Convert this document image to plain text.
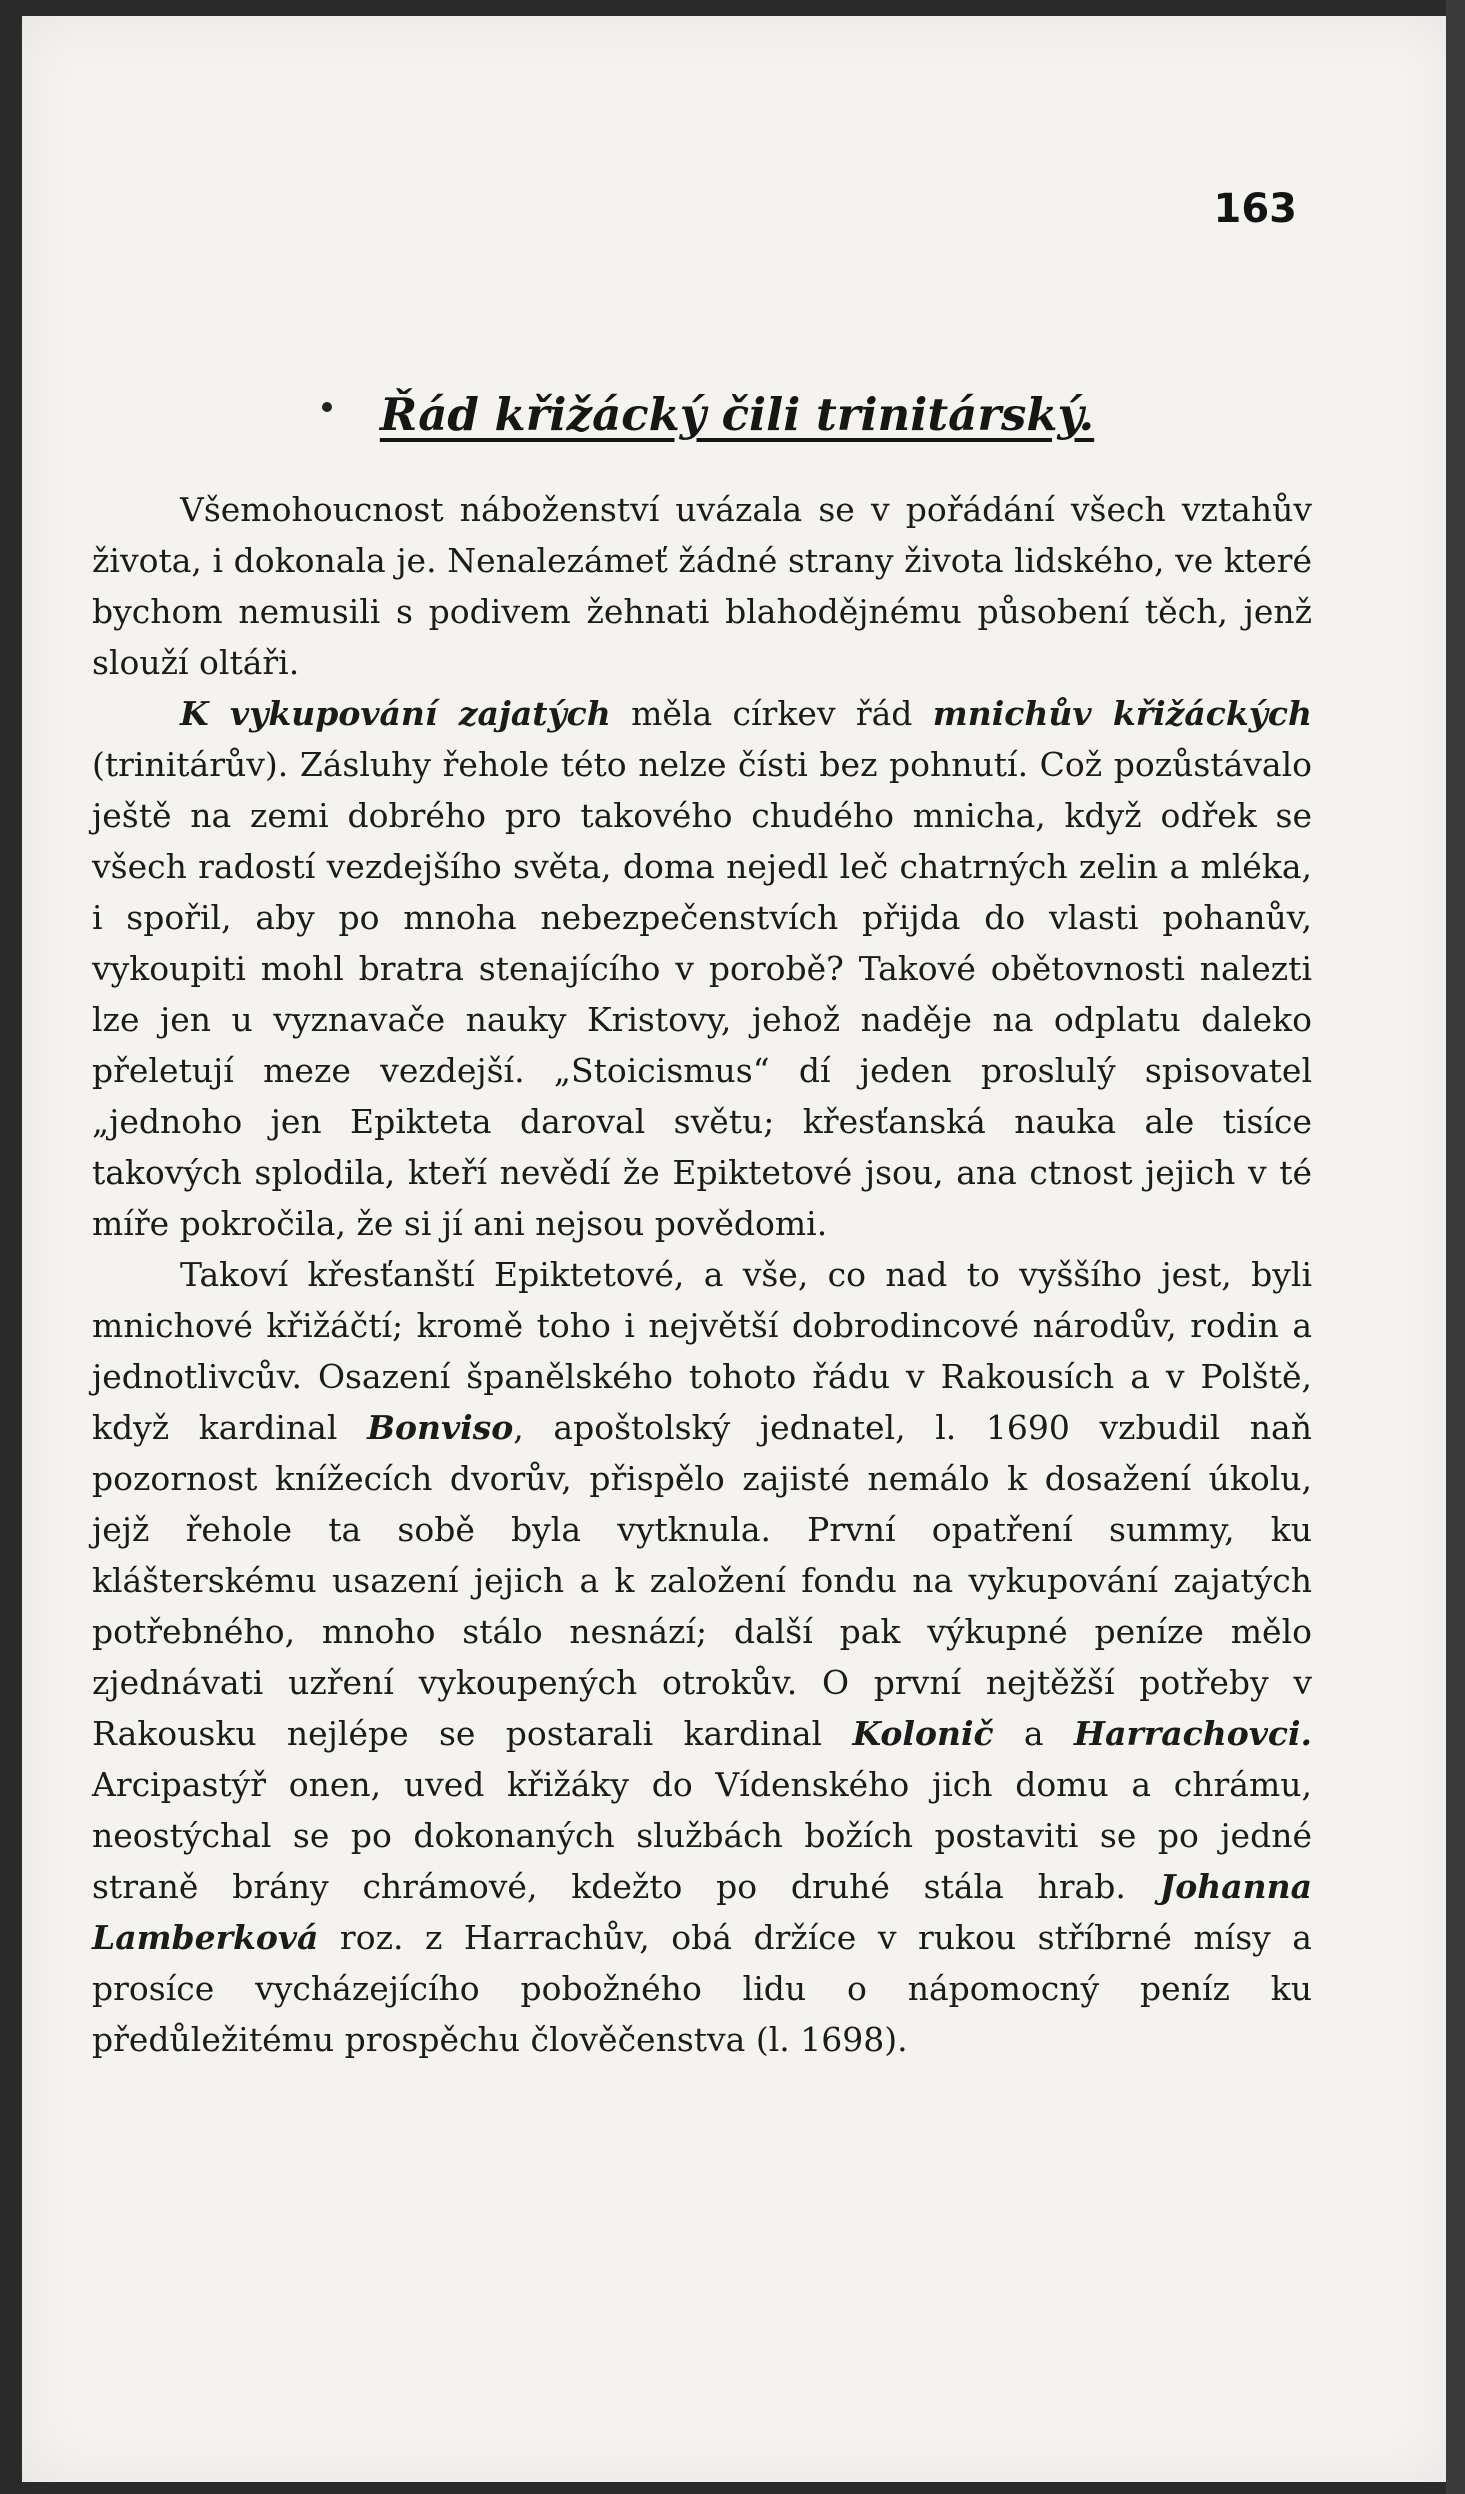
163
Řád křižácký čili trinitárský.

Všemohoucnost náboženství uvázala se v pořádání všech vztahův života, i dokonala je. Nenalezámeť žádné strany života lidského, ve které bychom nemusili s podivem žehnati blahodějnému působení těch, jenž slouží oltáři.

K vykupování zajatých měla církev řád mnichův křižáckých (trinitárův). Zásluhy řehole této nelze čísti bez pohnutí. Což pozůstávalo ještě na zemi dobrého pro takového chudého mnicha, když odřek se všech radostí vezdejšího světa, doma nejedl leč chatrných zelin a mléka, i spořil, aby po mnoha nebezpečenstvích přijda do vlasti pohanův, vykoupiti mohl bratra stenajícího v porobě? Takové obětovnosti nalezti lze jen u vyznavače nauky Kristovy, jehož naděje na odplatu daleko přeletují meze vezdejší. „Stoicismus“ dí jeden proslulý spisovatel „jednoho jen Epikteta daroval světu; křesťanská nauka ale tisíce takových splodila, kteří nevědí že Epiktetové jsou, ana ctnost jejich v té míře pokročila, že si jí ani nejsou povědomi.

Takoví křesťanští Epiktetové, a vše, co nad to vyššího jest, byli mnichové křižáčtí; kromě toho i největší dobrodincové národův, rodin a jednotlivcův. Osazení španělského tohoto řádu v Rakousích a v Polště, když kardinal Bonviso, apoštolský jednatel, l. 1690 vzbudil naň pozornost knížecích dvorův, přispělo zajisté nemálo k dosažení úkolu, jejž řehole ta sobě byla vytknula. První opatření summy, ku klášterskému usazení jejich a k založení fondu na vykupování zajatých potřebného, mnoho stálo nesnází; další pak výkupné peníze mělo zjednávati uzření vykoupených otrokův. O první nejtěžší potřeby v Rakousku nejlépe se postarali kardinal Kolonič a Harrachovci. Arcipastýř onen, uved křižáky do Vídenského jich domu a chrámu, neostýchal se po dokonaných službách božích postaviti se po jedné straně brány chrámové, kdežto po druhé stála hrab. Johanna Lamberková roz. z Harrachův, obá držíce v rukou stříbrné mísy a prosíce vycházejícího pobožného lidu o nápomocný peníz ku předůležitému prospěchu člověčenstva (l. 1698).
